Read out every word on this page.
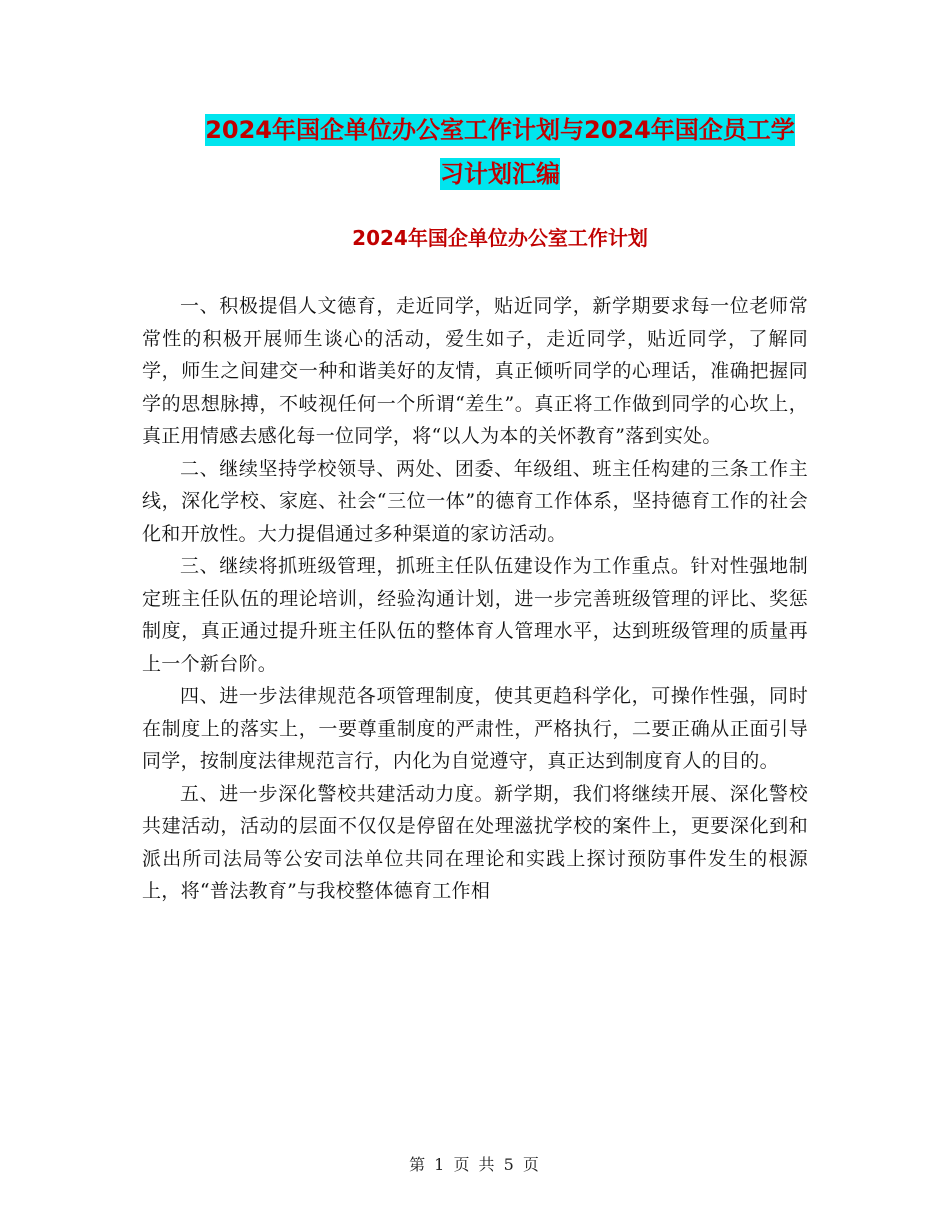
2024年国企单位办公室工作计划与2024年国企员工学
习计划汇编
2024年国企单位办公室工作计划

一、积极提倡人文德育，走近同学，贴近同学，新学期要求每一位老师常常性的积极开展师生谈心的活动，爱生如子，走近同学，贴近同学，了解同学，师生之间建交一种和谐美好的友情，真正倾听同学的心理话，准确把握同学的思想脉搏，不岐视任何一个所谓“差生”。真正将工作做到同学的心坎上，真正用情感去感化每一位同学，将“以人为本的关怀教育”落到实处。

二、继续坚持学校领导、两处、团委、年级组、班主任构建的三条工作主线，深化学校、家庭、社会“三位一体”的德育工作体系，坚持德育工作的社会化和开放性。大力提倡通过多种渠道的家访活动。

三、继续将抓班级管理，抓班主任队伍建设作为工作重点。针对性强地制定班主任队伍的理论培训，经验沟通计划，进一步完善班级管理的评比、奖惩制度，真正通过提升班主任队伍的整体育人管理水平，达到班级管理的质量再上一个新台阶。

四、进一步法律规范各项管理制度，使其更趋科学化，可操作性强，同时在制度上的落实上，一要尊重制度的严肃性，严格执行，二要正确从正面引导同学，按制度法律规范言行，内化为自觉遵守，真正达到制度育人的目的。

五、进一步深化警校共建活动力度。新学期，我们将继续开展、深化警校共建活动，活动的层面不仅仅是停留在处理滋扰学校的案件上，更要深化到和派出所司法局等公安司法单位共同在理论和实践上探讨预防事件发生的根源上，将“普法教育”与我校整体德育工作相

第 1 页 共 5 页
